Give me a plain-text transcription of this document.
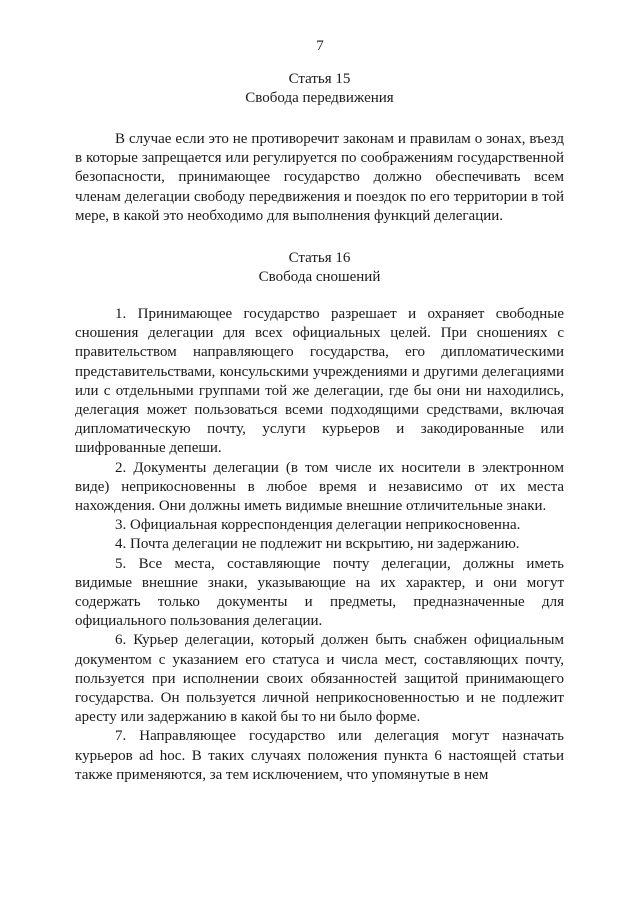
7
Статья 15
Свобода передвижения

В случае если это не противоречит законам и правилам о зонах, въезд в которые запрещается или регулируется по соображениям государственной безопасности, принимающее государство должно обеспечивать всем членам делегации свободу передвижения и поездок по его территории в той мере, в какой это необходимо для выполнения функций делегации.

Статья 16
Свобода сношений

1. Принимающее государство разрешает и охраняет свободные сношения делегации для всех официальных целей. При сношениях с правительством направляющего государства, его дипломатическими представительствами, консульскими учреждениями и другими делегациями или с отдельными группами той же делегации, где бы они ни находились, делегация может пользоваться всеми подходящими средствами, включая дипломатическую почту, услуги курьеров и закодированные или шифрованные депеши.

2. Документы делегации (в том числе их носители в электронном виде) неприкосновенны в любое время и независимо от их места нахождения. Они должны иметь видимые внешние отличительные знаки.

3. Официальная корреспонденция делегации неприкосновенна.

4. Почта делегации не подлежит ни вскрытию, ни задержанию.

5. Все места, составляющие почту делегации, должны иметь видимые внешние знаки, указывающие на их характер, и они могут содержать только документы и предметы, предназначенные для официального пользования делегации.

6. Курьер делегации, который должен быть снабжен официальным документом с указанием его статуса и числа мест, составляющих почту, пользуется при исполнении своих обязанностей защитой принимающего государства. Он пользуется личной неприкосновенностью и не подлежит аресту или задержанию в какой бы то ни было форме.

7. Направляющее государство или делегация могут назначать курьеров ad hoc. В таких случаях положения пункта 6 настоящей статьи также применяются, за тем исключением, что упомянутые в нем
